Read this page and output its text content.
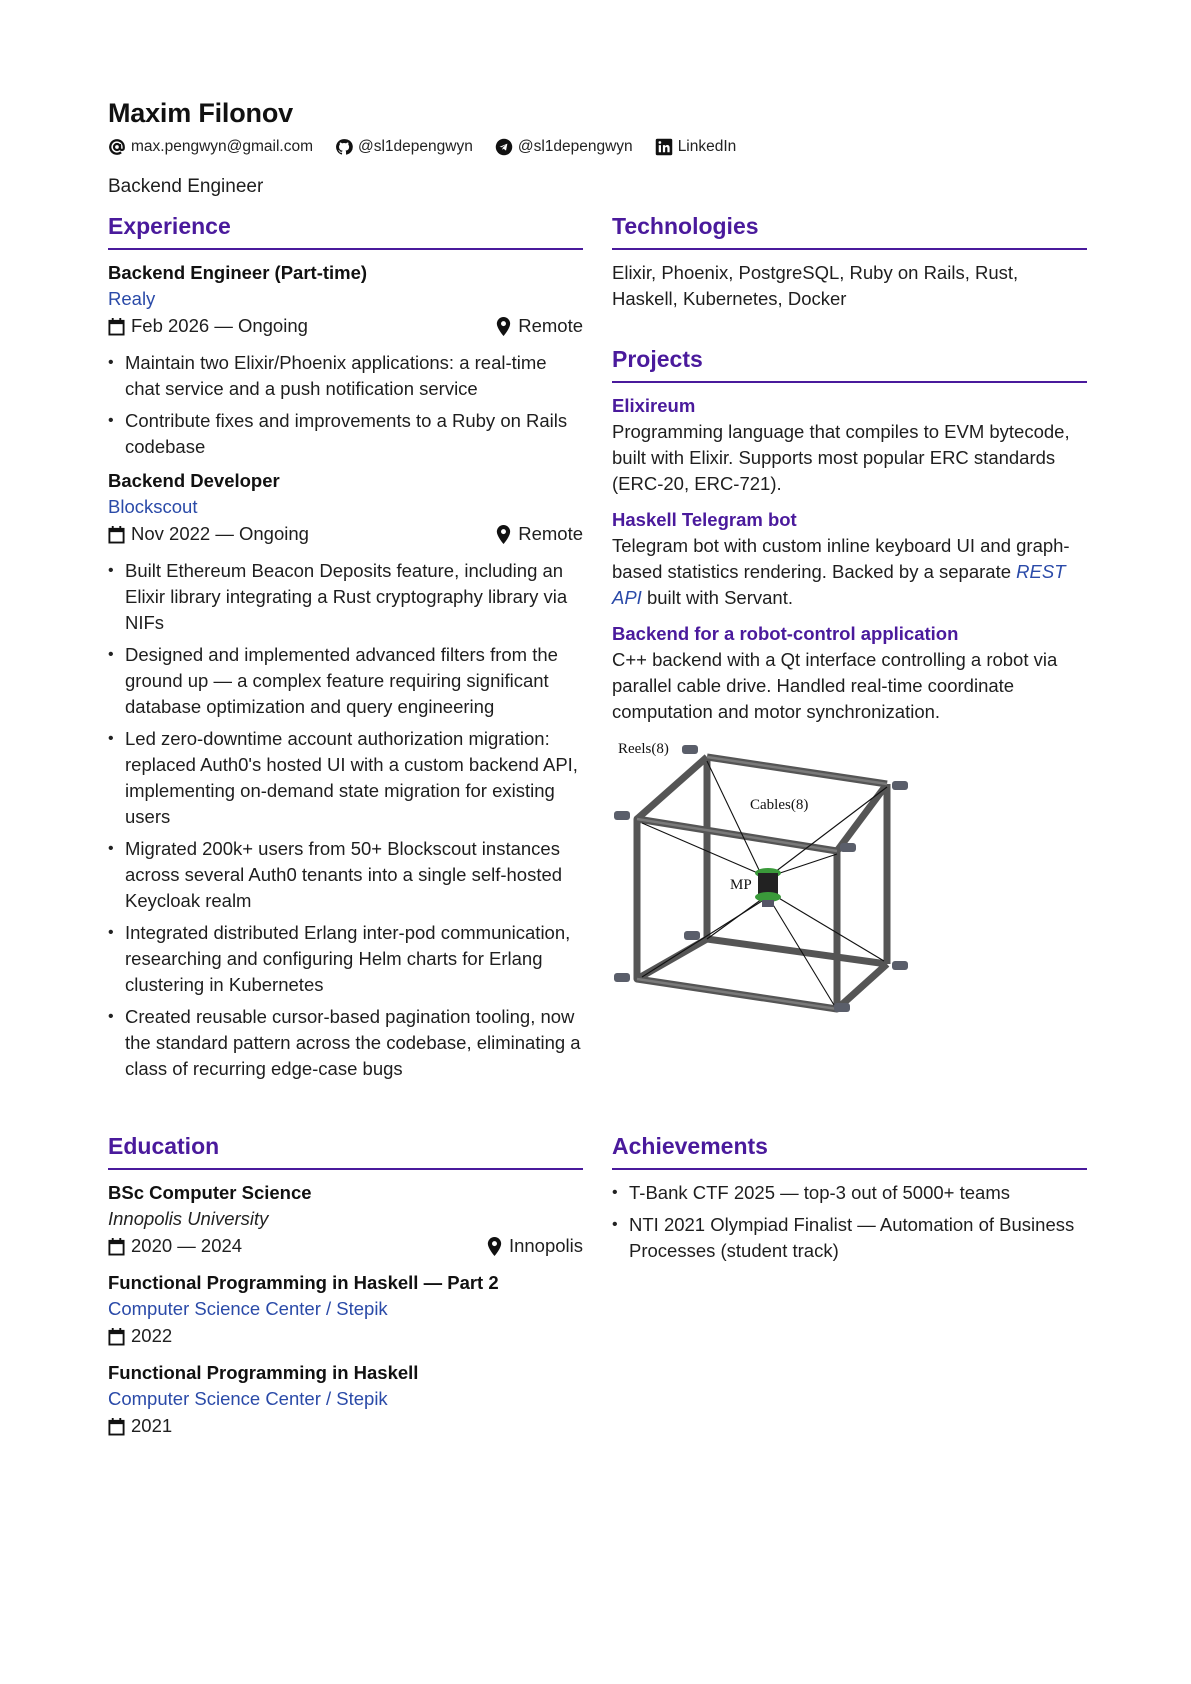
Maxim Filonov
max.pengwyn@gmail.com	@sl1depengwyn	@sl1depengwyn	LinkedIn
Backend Engineer
Experience
Backend Engineer (Part-time)
Realy
Feb 2026 — Ongoing	Remote
• Maintain two Elixir/Phoenix applications: a real-time chat service and a push notification service
• Contribute fixes and improvements to a Ruby on Rails codebase
Backend Developer
Blockscout
Nov 2022 — Ongoing	Remote
• Built Ethereum Beacon Deposits feature, including an Elixir library integrating a Rust cryptography library via NIFs
• Designed and implemented advanced filters from the ground up — a complex feature requiring significant database optimization and query engineering
• Led zero-downtime account authorization migration: replaced Auth0's hosted UI with a custom backend API, implementing on-demand state migration for existing users
• Migrated 200k+ users from 50+ Blockscout instances across several Auth0 tenants into a single self-hosted Keycloak realm
• Integrated distributed Erlang inter-pod communication, researching and configuring Helm charts for Erlang clustering in Kubernetes
• Created reusable cursor-based pagination tooling, now the standard pattern across the codebase, eliminating a class of recurring edge-case bugs
Education
BSc Computer Science
Innopolis University
2020 — 2024	Innopolis
Functional Programming in Haskell — Part 2
Computer Science Center / Stepik
2022
Functional Programming in Haskell
Computer Science Center / Stepik
2021
Technologies
Elixir, Phoenix, PostgreSQL, Ruby on Rails, Rust, Haskell, Kubernetes, Docker
Projects
Elixireum
Programming language that compiles to EVM bytecode, built with Elixir. Supports most popular ERC standards (ERC-20, ERC-721).
Haskell Telegram bot
Telegram bot with custom inline keyboard UI and graph-based statistics rendering. Backed by a separate REST API built with Servant.
Backend for a robot-control application
C++ backend with a Qt interface controlling a robot via parallel cable drive. Handled real-time coordinate computation and motor synchronization.
Reels(8)
Cables(8)
MP
Achievements
• T-Bank CTF 2025 — top-3 out of 5000+ teams
• NTI 2021 Olympiad Finalist — Automation of Business Processes (student track)
